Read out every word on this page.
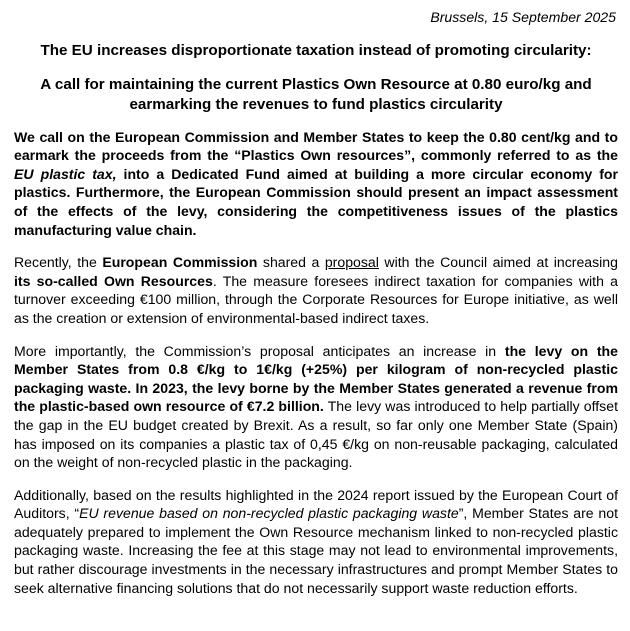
Brussels, 15 September 2025
The EU increases disproportionate taxation instead of promoting circularity:
A call for maintaining the current Plastics Own Resource at 0.80 euro/kg and earmarking the revenues to fund plastics circularity

We call on the European Commission and Member States to keep the 0.80 cent/kg and to earmark the proceeds from the “Plastics Own resources”, commonly referred to as the EU plastic tax, into a Dedicated Fund aimed at building a more circular economy for plastics. Furthermore, the European Commission should present an impact assessment of the effects of the levy, considering the competitiveness issues of the plastics manufacturing value chain.

Recently, the European Commission shared a proposal with the Council aimed at increasing its so-called Own Resources. The measure foresees indirect taxation for companies with a turnover exceeding €100 million, through the Corporate Resources for Europe initiative, as well as the creation or extension of environmental-based indirect taxes.

More importantly, the Commission’s proposal anticipates an increase in the levy on the Member States from 0.8 €/kg to 1€/kg (+25%) per kilogram of non-recycled plastic packaging waste. In 2023, the levy borne by the Member States generated a revenue from the plastic-based own resource of €7.2 billion. The levy was introduced to help partially offset the gap in the EU budget created by Brexit. As a result, so far only one Member State (Spain) has imposed on its companies a plastic tax of 0,45 €/kg on non-reusable packaging, calculated on the weight of non-recycled plastic in the packaging.

Additionally, based on the results highlighted in the 2024 report issued by the European Court of Auditors, “EU revenue based on non-recycled plastic packaging waste”, Member States are not adequately prepared to implement the Own Resource mechanism linked to non-recycled plastic packaging waste. Increasing the fee at this stage may not lead to environmental improvements, but rather discourage investments in the necessary infrastructures and prompt Member States to seek alternative financing solutions that do not necessarily support waste reduction efforts.
